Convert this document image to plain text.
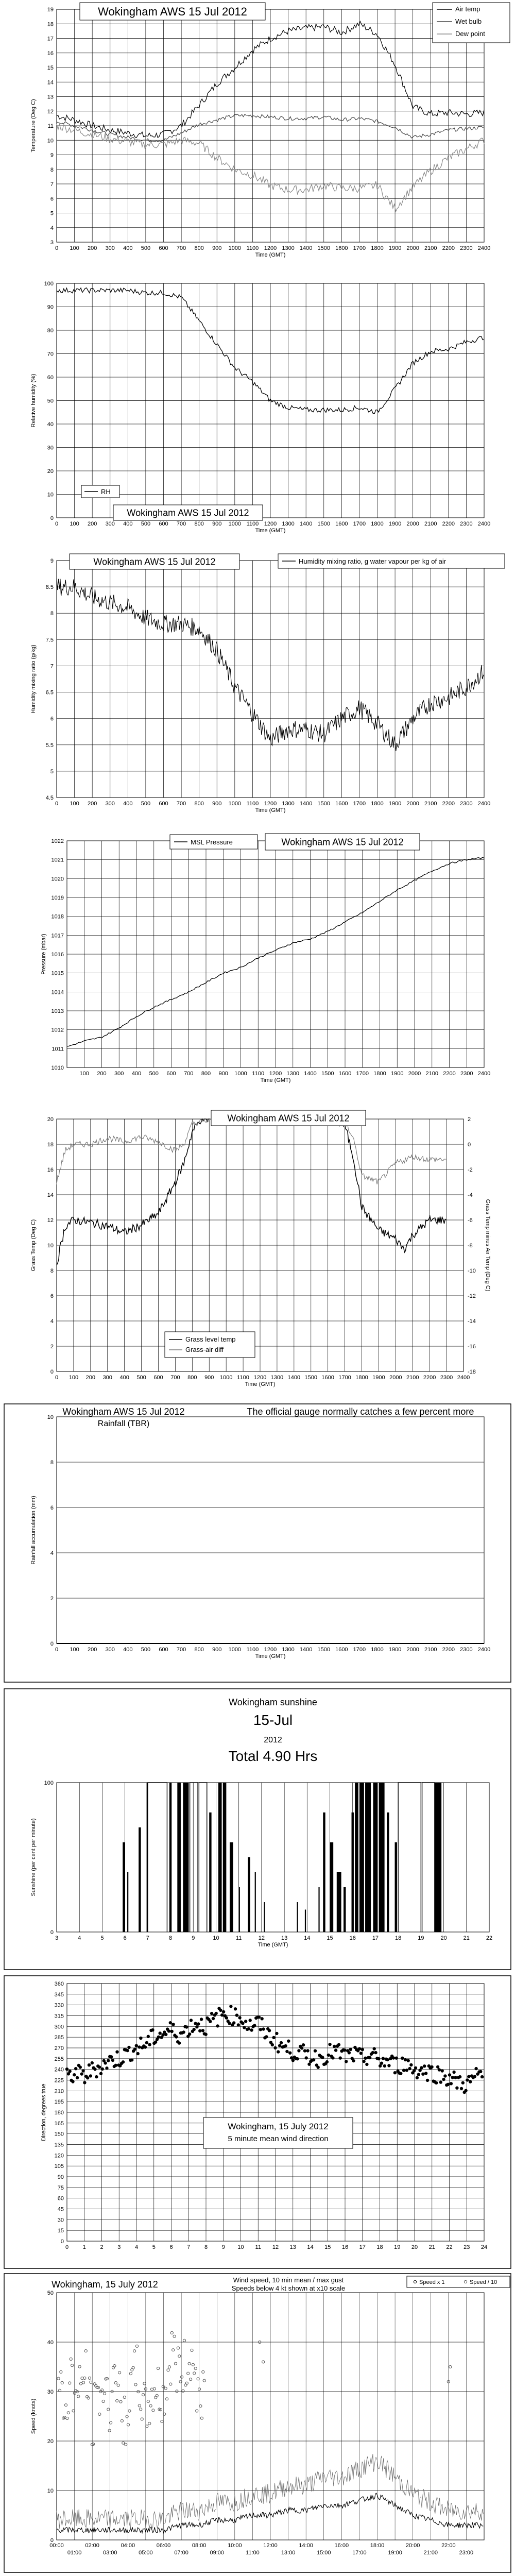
3
4
5
6
7
8
9
10
11
12
13
14
15
16
17
18
19
0 100 200 300 400 500 600 700 800 900 1000 1100 1200 1300 1400 1500 1600 1700 1800 1900 2000 2100 2200 2300 2400
Time (GMT)
Temperature (Deg C)
Wokingham AWS 15 Jul 2012	Air temp
Wet bulb
Dew point
0
10
20
30
40
50
60
70
80
90
100
0 100 200 300 400 500 600 700 800 900 1000 1100 1200 1300 1400 1500 1600 1700 1800 1900 2000 2100 2200 2300 2400
Time (GMT)
Relative humidity (%)
Wokingham AWS 15 Jul 2012
RH
4.5
5
5.5
6
6.5
7
7.5
8
8.5
9
0 100 200 300 400 500 600 700 800 900 1000 1100 1200 1300 1400 1500 1600 1700 1800 1900 2000 2100 2200 2300 2400
Time (GMT)
Humidity mixing ratio (g/kg)
Wokingham AWS 15 Jul 2012	Humidity mixing ratio, g water vapour per kg of air
1010
1011
1012
1013
1014
1015
1016
1017
1018
1019
1020
1021
1022
100 200 300 400 500 600 700 800 900 1000 1100 1200 1300 1400 1500 1600 1700 1800 1900 2000 2100 2200 2300 2400
Time (GMT)
Pressure (mbar)
Wokingham AWS 15 Jul 2012
MSL Pressure
0
2
4
6
8
10
12
14
16
18
20
0 100 200 300 400 500 600 700 800 900 1000 1100 1200 1300 1400 1500 1600 1700 1800 1900 2000 2100 2200 2300 2400
Time (GMT)
Grass Temp (Deg C)
-18
-16
-14
-12
-10
-8
-6
-4
-2
0
2
Grass Temp minus Air Temp (Deg C)
Wokingham AWS 15 Jul 2012
Grass level temp
Grass-air diff
0
2
4
6
8
10
0 100 200 300 400 500 600 700 800 900 1000 1100 1200 1300 1400 1500 1600 1700 1800 1900 2000 2100 2200 2300 2400
Time (GMT)
Rainfall accumulation (mm)
Wokingham AWS 15 Jul 2012
Rainfall (TBR)
The official gauge normally catches a few percent more
0
100
3	4	5	6	7	8	9	10	11	12	13	14	15	16	17	18	19	20	21	22
Time (GMT)
Sunshine (per cent per minute)
Wokingham sunshine
15-Jul
2012
Total 4.90 Hrs
0
15
30
45
60
75
90
105
120
135
150
165
180
195
210
225
240
255
270
285
300
315
330
345
360
0	1	2	3	4	5	6	7	8	9 10 11 12 13 14 15 16 17 18 19 20 21 22 23 24
Direction, degrees true	Wokingham, 15 July 2012
5 minute mean wind direction
0
10
20
30
40
50
Speed (knots)
00:00	02:00	04:00	06:00	08:00	10:00	12:00	14:00	16:00	18:00	20:00	22:00
01:00	03:00	05:00	07:00	09:00	11:00	13:00	15:00	17:00	19:00	21:00	23:00
Wokingham, 15 July 2012	Wind speed, 10 min mean / max gust
Speeds below 4 kt shown at x10 scale
Speed x 1	Speed / 10
